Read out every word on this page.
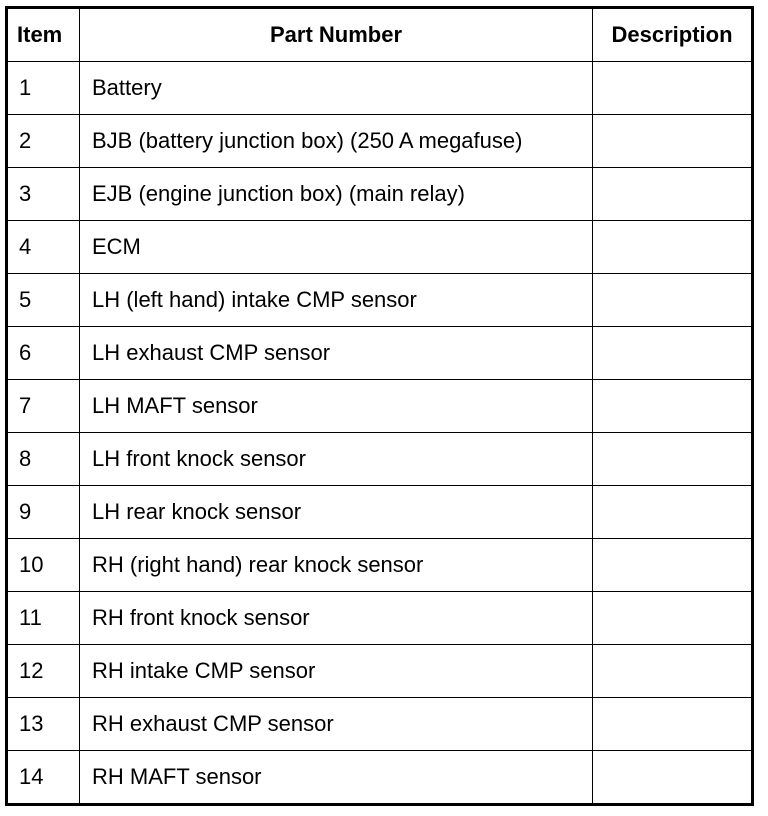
Item	Part Number	Description
1	Battery	
2	BJB (battery junction box) (250 A megafuse)	
3	EJB (engine junction box) (main relay)	
4	ECM	
5	LH (left hand) intake CMP sensor	
6	LH exhaust CMP sensor	
7	LH MAFT sensor	
8	LH front knock sensor	
9	LH rear knock sensor	
10	RH (right hand) rear knock sensor	
11	RH front knock sensor	
12	RH intake CMP sensor	
13	RH exhaust CMP sensor	
14	RH MAFT sensor	
